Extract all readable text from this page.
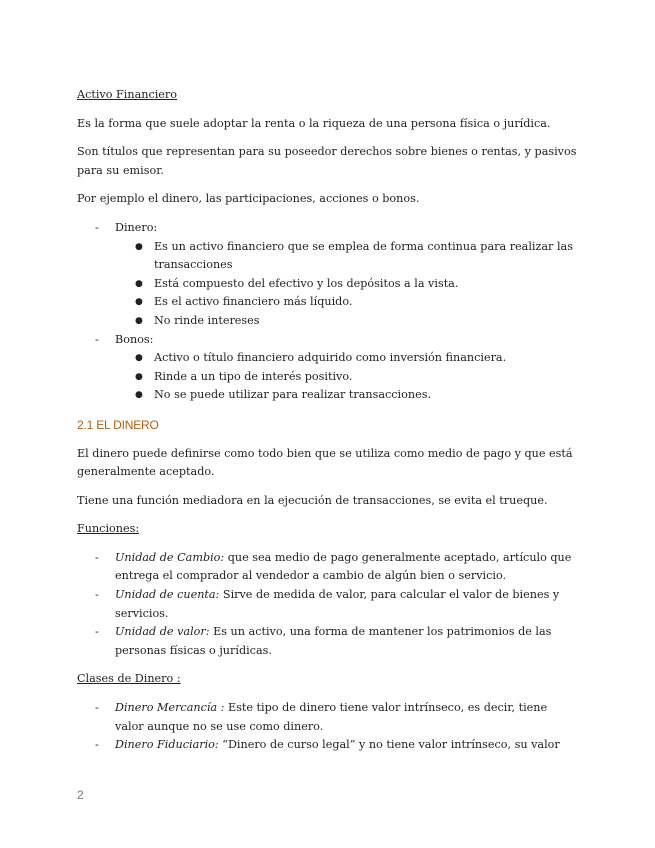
Activo Financiero

Es la forma que suele adoptar la renta o la riqueza de una persona física o jurídica.

Son títulos que representan para su poseedor derechos sobre bienes o rentas, y pasivos para su emisor.

Por ejemplo el dinero, las participaciones, acciones o bonos.

- Dinero:
● Es un activo financiero que se emplea de forma continua para realizar las transacciones
● Está compuesto del efectivo y los depósitos a la vista.
● Es el activo financiero más líquido.
● No rinde intereses
- Bonos:
● Activo o título financiero adquirido como inversión financiera.
● Rinde a un tipo de interés positivo.
● No se puede utilizar para realizar transacciones.

2.1 EL DINERO

El dinero puede definirse como todo bien que se utiliza como medio de pago y que está generalmente aceptado.

Tiene una función mediadora en la ejecución de transacciones, se evita el trueque.

Funciones:

- Unidad de Cambio: que sea medio de pago generalmente aceptado, artículo que entrega el comprador al vendedor a cambio de algún bien o servicio.
- Unidad de cuenta: Sirve de medida de valor, para calcular el valor de bienes y servicios.
- Unidad de valor: Es un activo, una forma de mantener los patrimonios de las personas físicas o jurídicas.

Clases de Dinero :

- Dinero Mercancía : Este tipo de dinero tiene valor intrínseco, es decir, tiene valor aunque no se use como dinero.
- Dinero Fiduciario: “Dinero de curso legal” y no tiene valor intrínseco, su valor
2
